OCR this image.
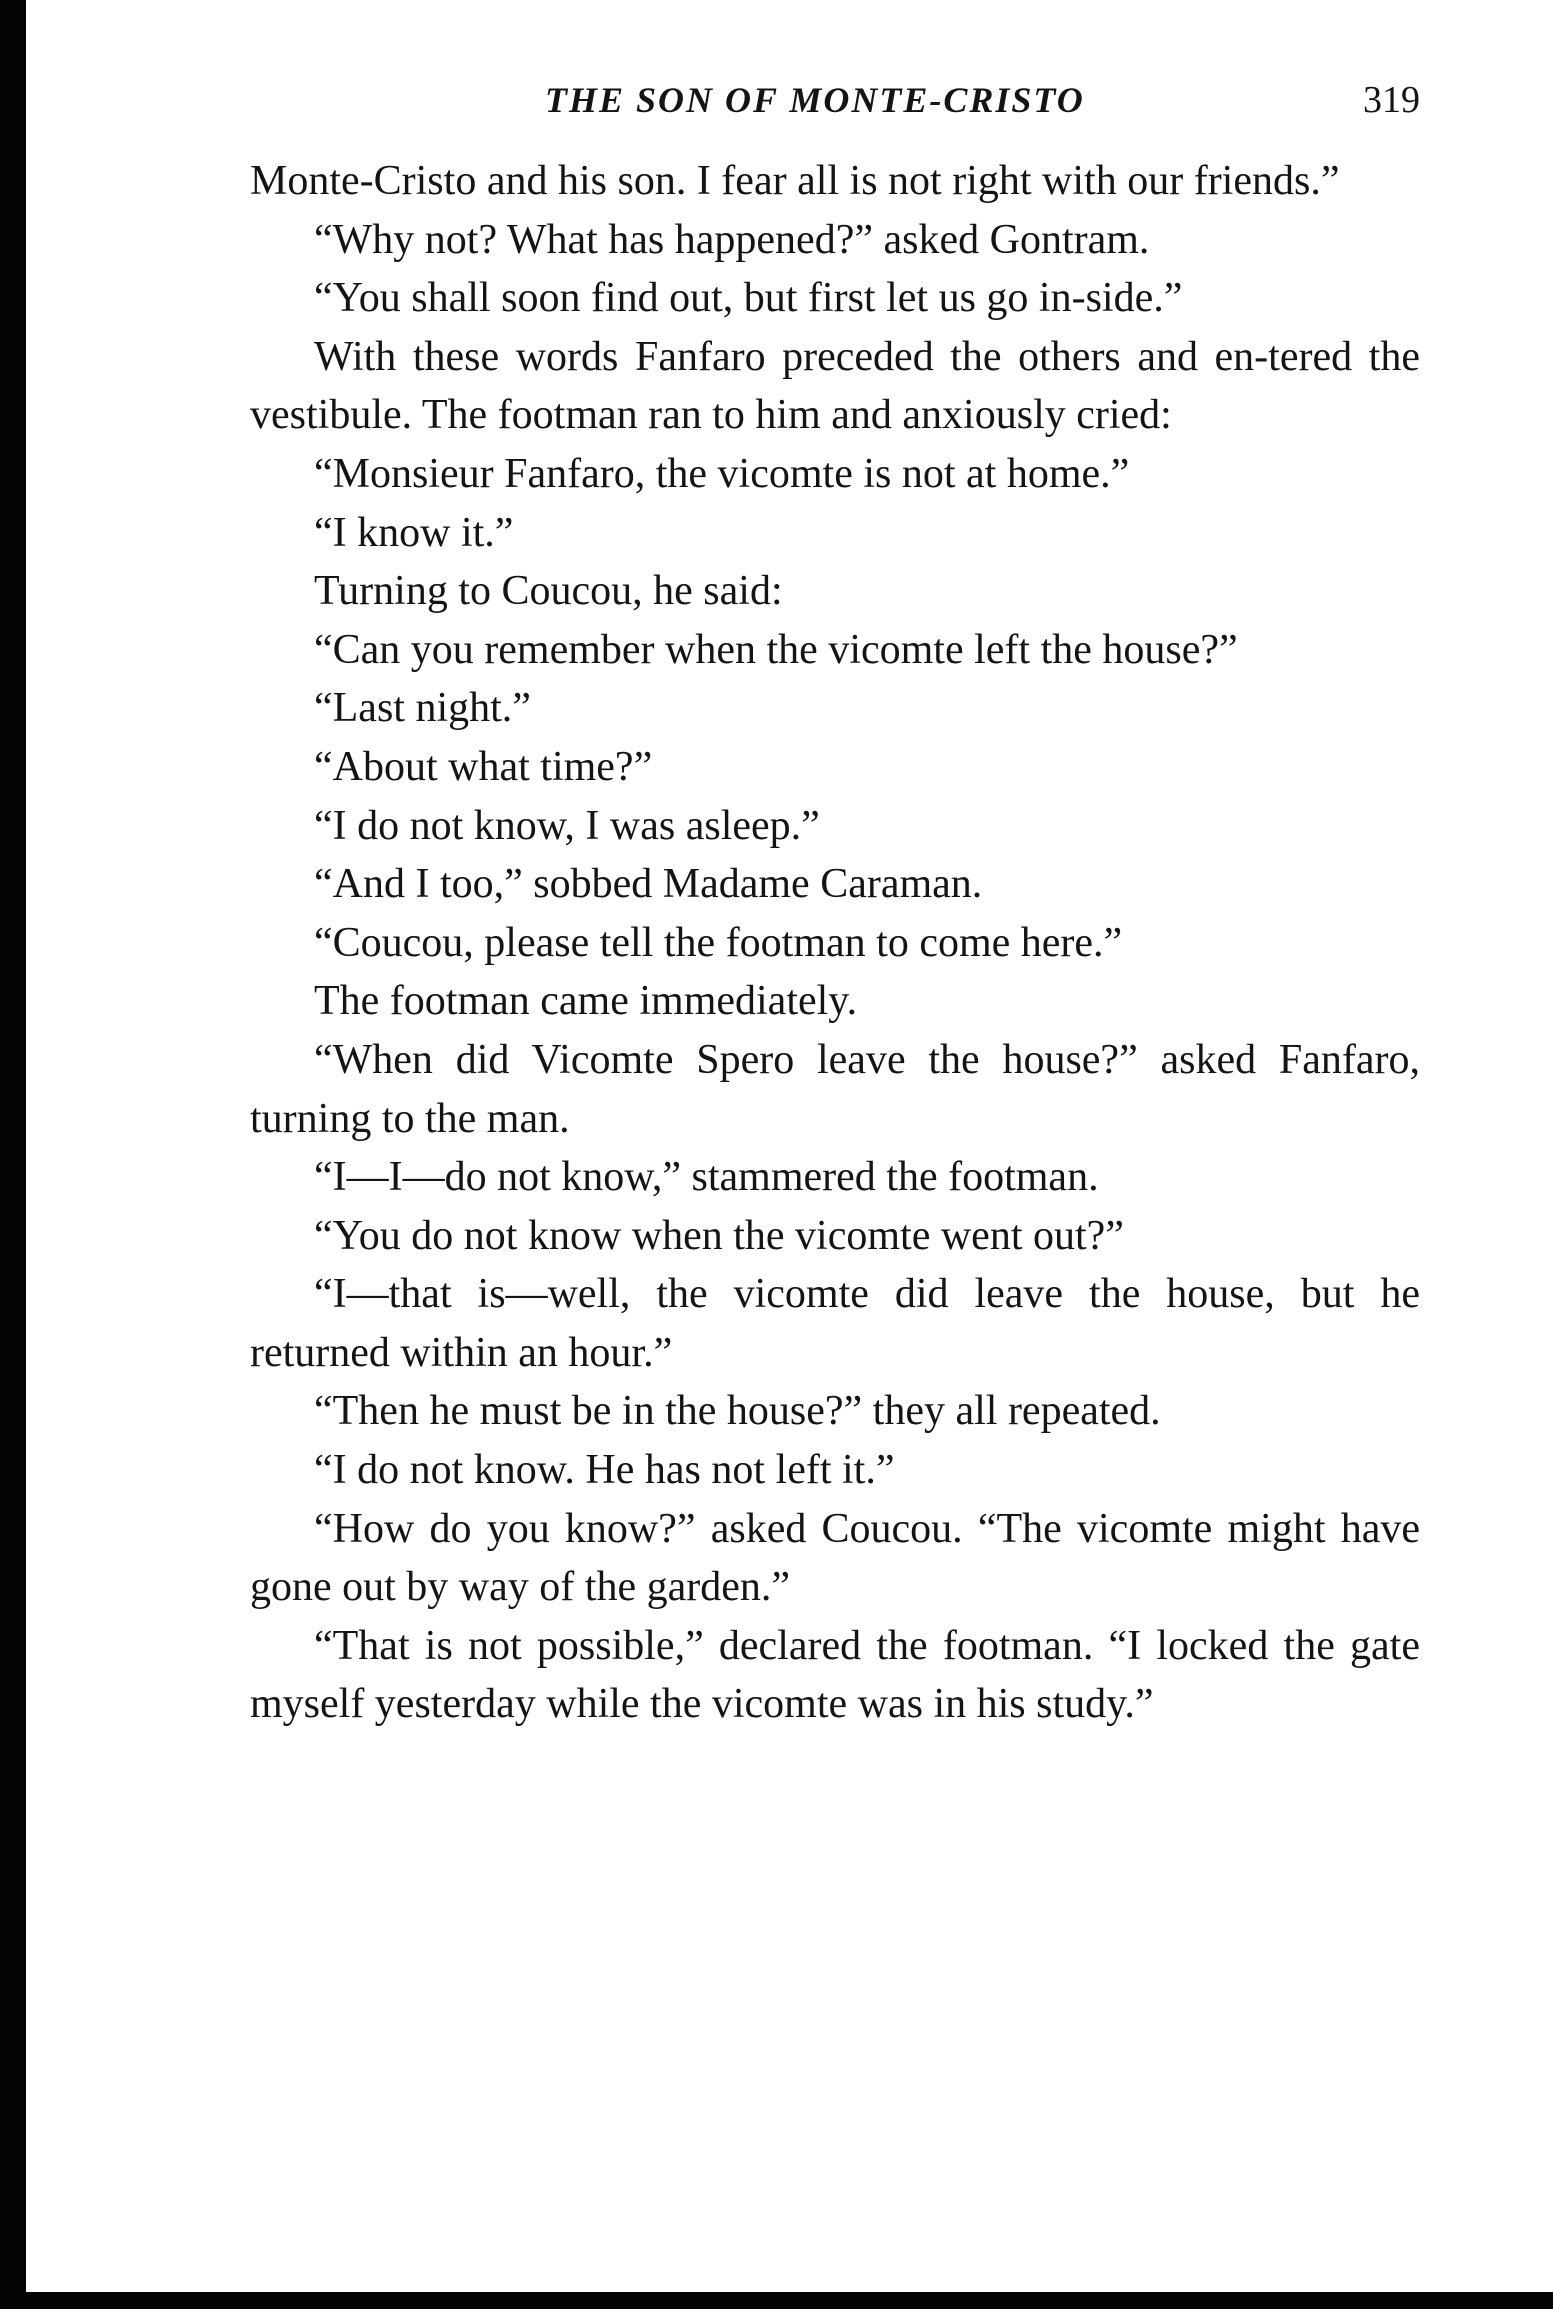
THE SON OF MONTE-CRISTO	319

Monte-Cristo and his son. I fear all is not right with our friends.”

“Why not? What has happened?” asked Gontram.

“You shall soon find out, but first let us go in-side.”

With these words Fanfaro preceded the others and en-tered the vestibule. The footman ran to him and anxiously cried:

“Monsieur Fanfaro, the vicomte is not at home.”

“I know it.”

Turning to Coucou, he said:

“Can you remember when the vicomte left the house?”

“Last night.”

“About what time?”

“I do not know, I was asleep.”

“And I too,” sobbed Madame Caraman.

“Coucou, please tell the footman to come here.”

The footman came immediately.

“When did Vicomte Spero leave the house?” asked Fanfaro, turning to the man.

“I—I—do not know,” stammered the footman.

“You do not know when the vicomte went out?”

“I—that is—well, the vicomte did leave the house, but he returned within an hour.”

“Then he must be in the house?” they all repeated.

“I do not know. He has not left it.”

“How do you know?” asked Coucou. “The vicomte might have gone out by way of the garden.”

“That is not possible,” declared the footman. “I locked the gate myself yesterday while the vicomte was in his study.”
